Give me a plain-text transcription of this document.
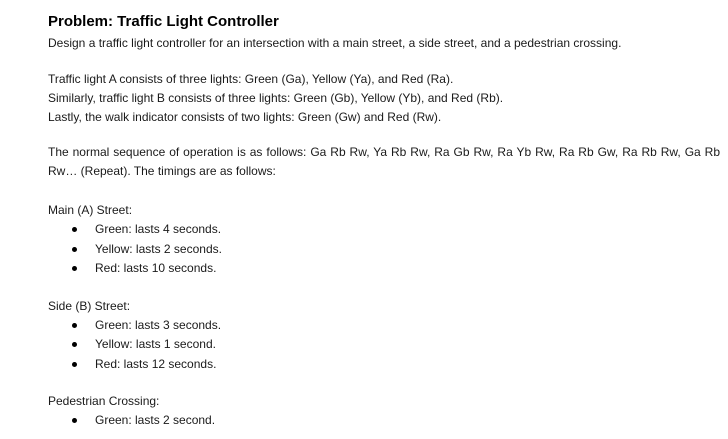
Problem: Traffic Light Controller

Design a traffic light controller for an intersection with a main street, a side street, and a pedestrian crossing.

Traffic light A consists of three lights: Green (Ga), Yellow (Ya), and Red (Ra).

Similarly, traffic light B consists of three lights: Green (Gb), Yellow (Yb), and Red (Rb).

Lastly, the walk indicator consists of two lights: Green (Gw) and Red (Rw).

The normal sequence of operation is as follows: Ga Rb Rw, Ya Rb Rw, Ra Gb Rw, Ra Yb Rw, Ra Rb Gw, Ra Rb Rw, Ga Rb Rw… (Repeat). The timings are as follows:

Main (A) Street:

Green: lasts 4 seconds.
Yellow: lasts 2 seconds.
Red: lasts 10 seconds.

Side (B) Street:

Green: lasts 3 seconds.
Yellow: lasts 1 second.
Red: lasts 12 seconds.

Pedestrian Crossing:

Green: lasts 2 second.
